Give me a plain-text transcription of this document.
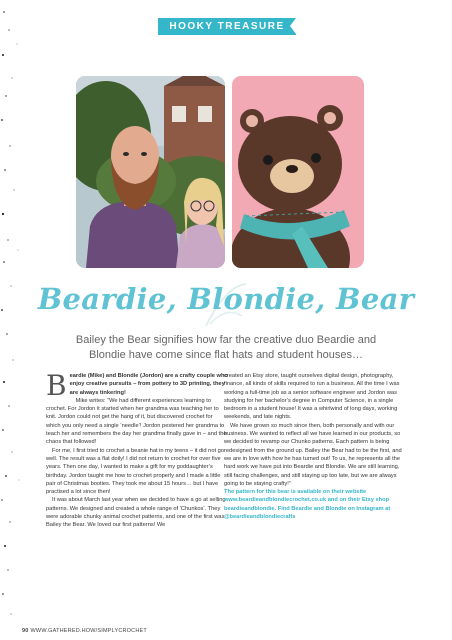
HOOKY TREASURE
Beardie, Blondie, Bear
Bailey the Bear signifies how far the creative duo Beardie and Blondie have come since flat hats and student houses…

Beardie (Mike) and Blondie (Jordon) are a crafty couple who enjoy creative pursuits – from pottery to 3D printing, they are always tinkering!

Mike writes: “We had different experiences learning to crochet. For Jordon it started when her grandma was teaching her to knit. Jordon could not get the hang of it, but discovered crochet for which you only need a single ‘needle’! Jordon pestered her grandma to teach her and remembers the day her grandma finally gave in – and the chaos that followed!

For me, I first tried to crochet a beanie hat in my teens – it did not go well. The result was a flat doily! I did not return to crochet for over five years. Then one day, I wanted to make a gift for my goddaughter’s birthday. Jordon taught me how to crochet properly and I made a little pair of Christmas booties. They took me about 15 hours… but I have practised a lot since then!

It was about March last year when we decided to have a go at selling patterns. We designed and created a whole range of ‘Chunkos’. They were adorable chunky animal crochet patterns, and one of the first was Bailey the Bear. We loved our first patterns! We

created an Etsy store, taught ourselves digital design, photography, finance, all kinds of skills required to run a business. All the time I was working a full-time job as a senior software engineer and Jordon was studying for her bachelor’s degree in Computer Science, in a single bedroom in a student house! It was a whirlwind of long days, working weekends, and late nights.

We have grown so much since then, both personally and with our business. We wanted to reflect all we have learned in our products, so we decided to revamp our Chunko patterns. Each pattern is being redesigned from the ground up. Bailey the Bear had to be the first, and we are in love with how he has turned out! To us, he represents all the hard work we have put into Beardie and Blondie. We are still learning, still facing challenges, and still staying up too late, but we are always going to be staying crafty!”

The pattern for this bear is available on their website www.beardieandblondiecrochet.co.uk and on their Etsy shop beardieandblondie. Find Beardie and Blondie on Instagram at @beardieandblondiecrafts

90 WWW.GATHERED.HOW/SIMPLYCROCHET
